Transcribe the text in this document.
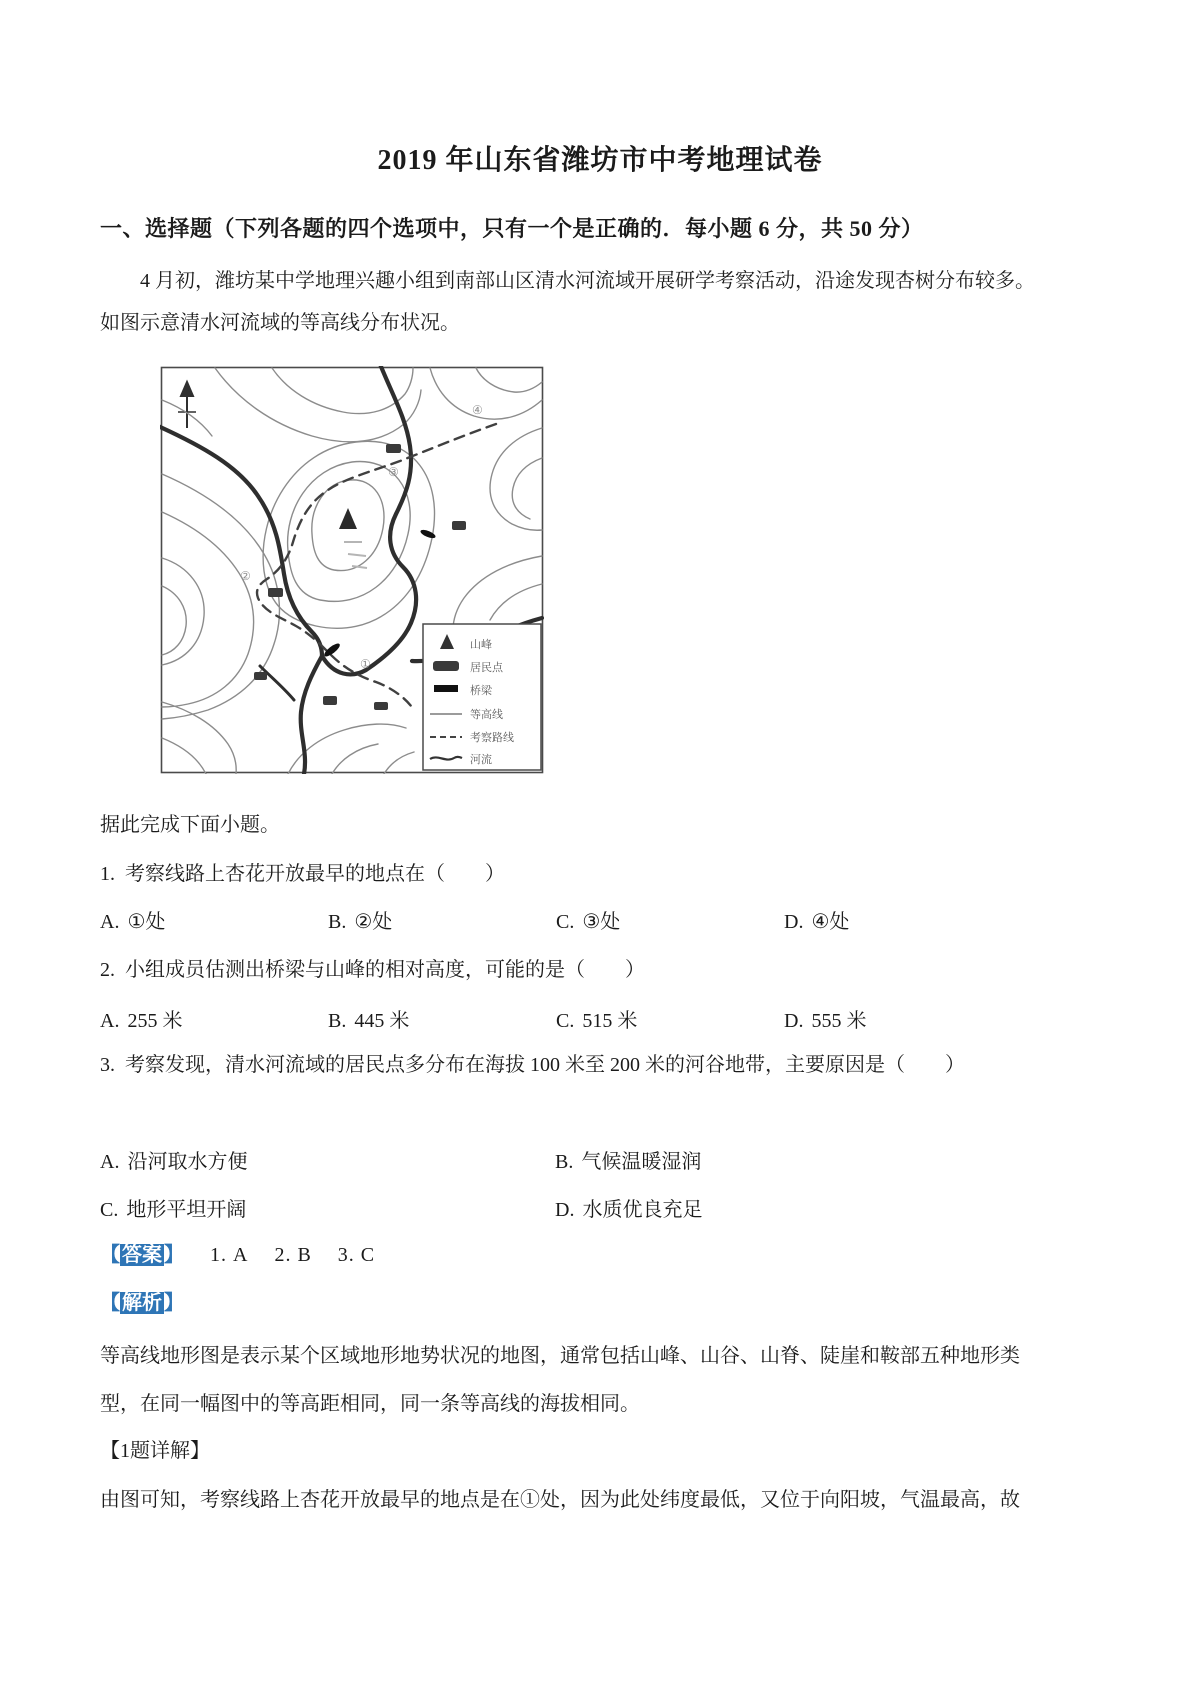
2019 年山东省潍坊市中考地理试卷
一、选择题（下列各题的四个选项中，只有一个是正确的．每小题 6 分，共 50 分）
4 月初，潍坊某中学地理兴趣小组到南部山区清水河流域开展研学考察活动，沿途发现杏树分布较多。
如图示意清水河流域的等高线分布状况。
①
②
③
④
山峰
居民点
桥梁
等高线
考察路线
河流
据此完成下面小题。
1. 考察线路上杏花开放最早的地点在（　　）
A. ①处	B. ②处	C. ③处	D. ④处
2. 小组成员估测出桥梁与山峰的相对高度，可能的是（　　）
A. 255 米	B. 445 米	C. 515 米	D. 555 米
3. 考察发现，清水河流域的居民点多分布在海拔 100 米至 200 米的河谷地带，主要原因是（　　）
A. 沿河取水方便	B. 气候温暖湿润
C. 地形平坦开阔	D. 水质优良充足
【 答案 】 1. A 2. B 3. C
【 解析 】
等高线地形图是表示某个区域地形地势状况的地图，通常包括山峰、山谷、山脊、陡崖和鞍部五种地形类
型，在同一幅图中的等高距相同，同一条等高线的海拔相同。
【1题详解】
由图可知，考察线路上杏花开放最早的地点是在①处，因为此处纬度最低，又位于向阳坡，气温最高，故
